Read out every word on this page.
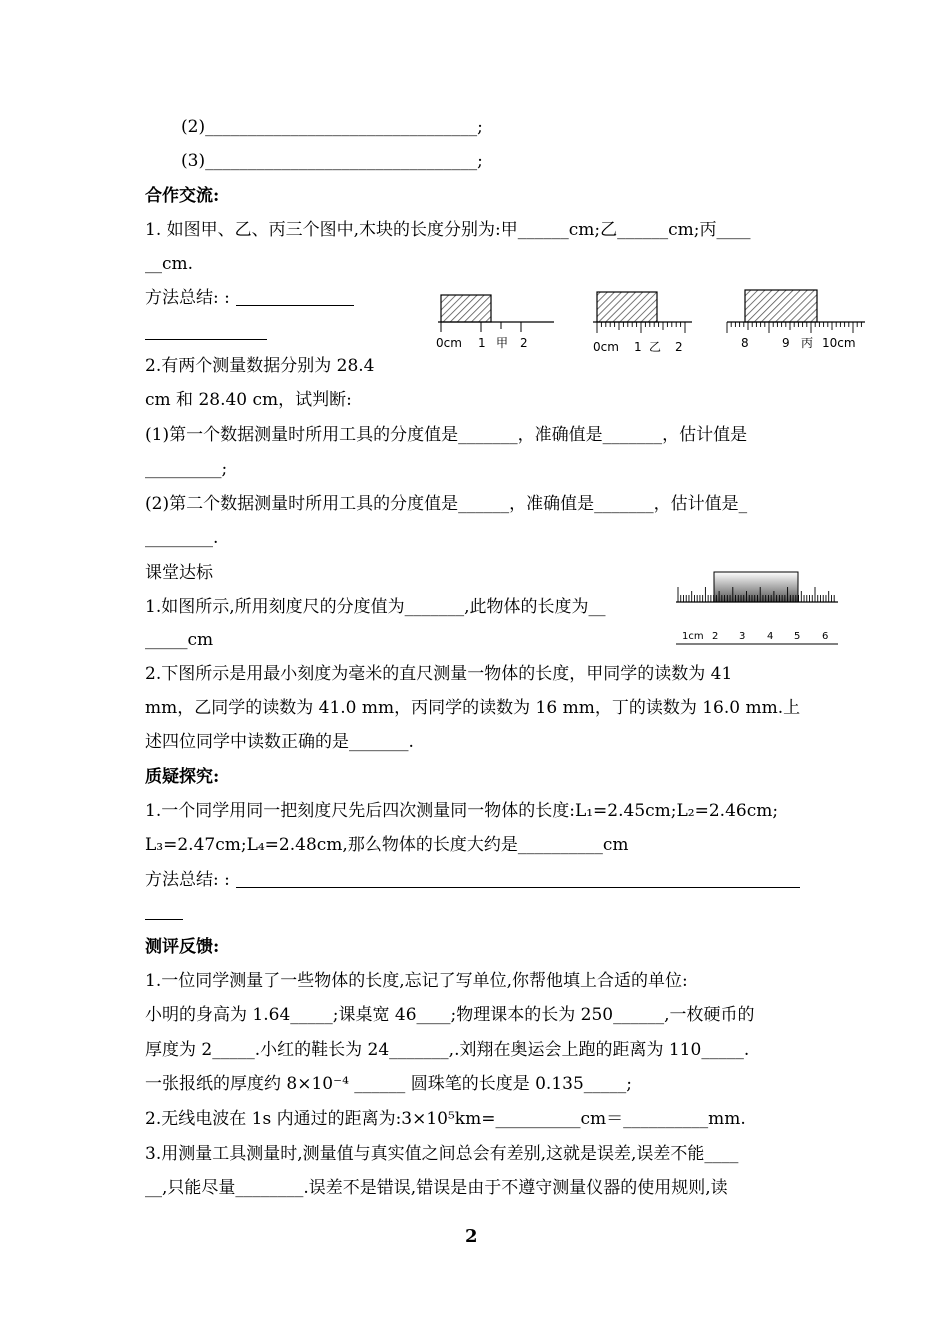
(2)________________________________;
(3)________________________________;
合作交流:
1. 如图甲、乙、丙三个图中,木块的长度分别为:甲______cm;乙______cm;丙____
__cm.
方法总结: :
2.有两个测量数据分别为 28.4
cm 和 28.40 cm，试判断:
(1)第一个数据测量时所用工具的分度值是_______，准确值是_______，估计值是
_________;
(2)第二个数据测量时所用工具的分度值是______，准确值是_______，估计值是_
________.
课堂达标
1.如图所示,所用刻度尺的分度值为_______,此物体的长度为__
_____cm
2.下图所示是用最小刻度为毫米的直尺测量一物体的长度，甲同学的读数为 41
mm，乙同学的读数为 41.0 mm，丙同学的读数为 16 mm，丁的读数为 16.0 mm.上
述四位同学中读数正确的是_______.
质疑探究:
1.一个同学用同一把刻度尺先后四次测量同一物体的长度:L₁=2.45cm;L₂=2.46cm;
L₃=2.47cm;L₄=2.48cm,那么物体的长度大约是__________cm
方法总结: :
测评反馈:
1.一位同学测量了一些物体的长度,忘记了写单位,你帮他填上合适的单位:
小明的身高为 1.64_____;课桌宽 46____;物理课本的长为 250______,一枚硬币的
厚度为 2_____.小红的鞋长为 24_______,.刘翔在奥运会上跑的距离为 110_____.
一张报纸的厚度约 8×10⁻⁴ ______ 圆珠笔的长度是 0.135_____;
2.无线电波在 1s 内通过的距离为:3×10⁵km=__________cm＝__________mm.
3.用测量工具测量时,测量值与真实值之间总会有差别,这就是误差,误差不能____
__,只能尽量________.误差不是错误,错误是由于不遵守测量仪器的使用规则,读
2
0cm 1 甲 2	0cm 1 乙 2	8	9 丙 10cm
1cm 2 3 4 5 6
